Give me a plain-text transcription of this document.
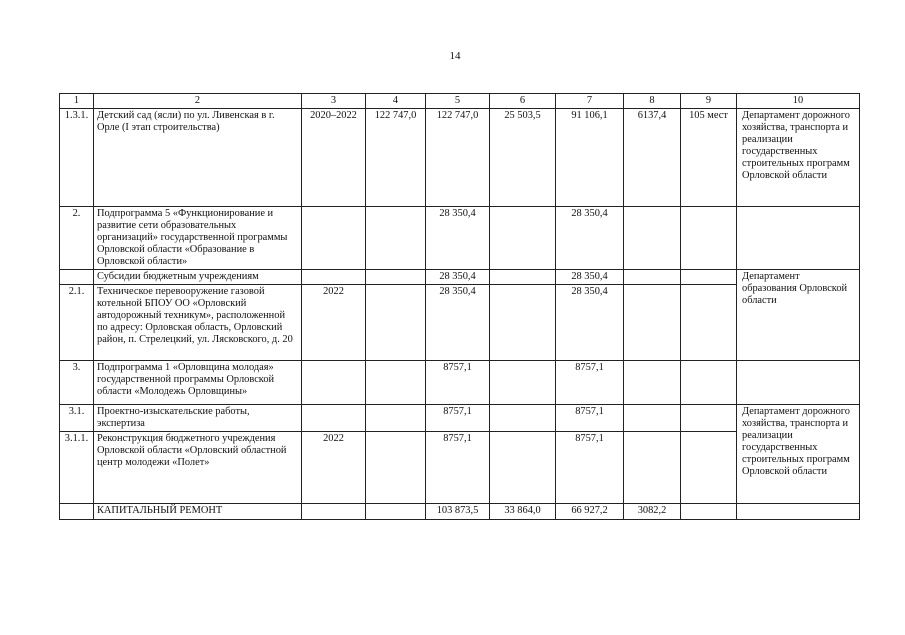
14
1	2	3	4	5	6	7	8	9	10
1.3.1.	Детский сад (ясли) по ул. Ливенская в г. Орле (I этап строительства)	2020–2022	122 747,0	122 747,0	25 503,5	91 106,1	6137,4	105 мест	Департамент дорожного хозяйства, транспорта и реализации государственных строительных программ Орловской области
2.	Подпрограмма 5 «Функционирование и развитие сети образовательных организаций» государственной программы Орловской области «Образование в Орловской области»			28 350,4		28 350,4			
	Субсидии бюджетным учреждениям			28 350,4		28 350,4			Департамент образования Орловской области
2.1.	Техническое перевооружение газовой котельной БПОУ ОО «Орловский автодорожный техникум», расположенной по адресу: Орловская область, Орловский район, п. Стрелецкий, ул. Лясковского, д. 20	2022		28 350,4		28 350,4			
3.	Подпрограмма 1 «Орловщина молодая» государственной программы Орловской области «Молодежь Орловщины»			8757,1		8757,1			
3.1.	Проектно-изыскательские работы, экспертиза			8757,1		8757,1			Департамент дорожного хозяйства, транспорта и реализации государственных строительных программ Орловской области
3.1.1.	Реконструкция бюджетного учреждения Орловской области «Орловский областной центр молодежи «Полет»	2022		8757,1		8757,1			
	КАПИТАЛЬНЫЙ РЕМОНТ			103 873,5	33 864,0	66 927,2	3082,2		
